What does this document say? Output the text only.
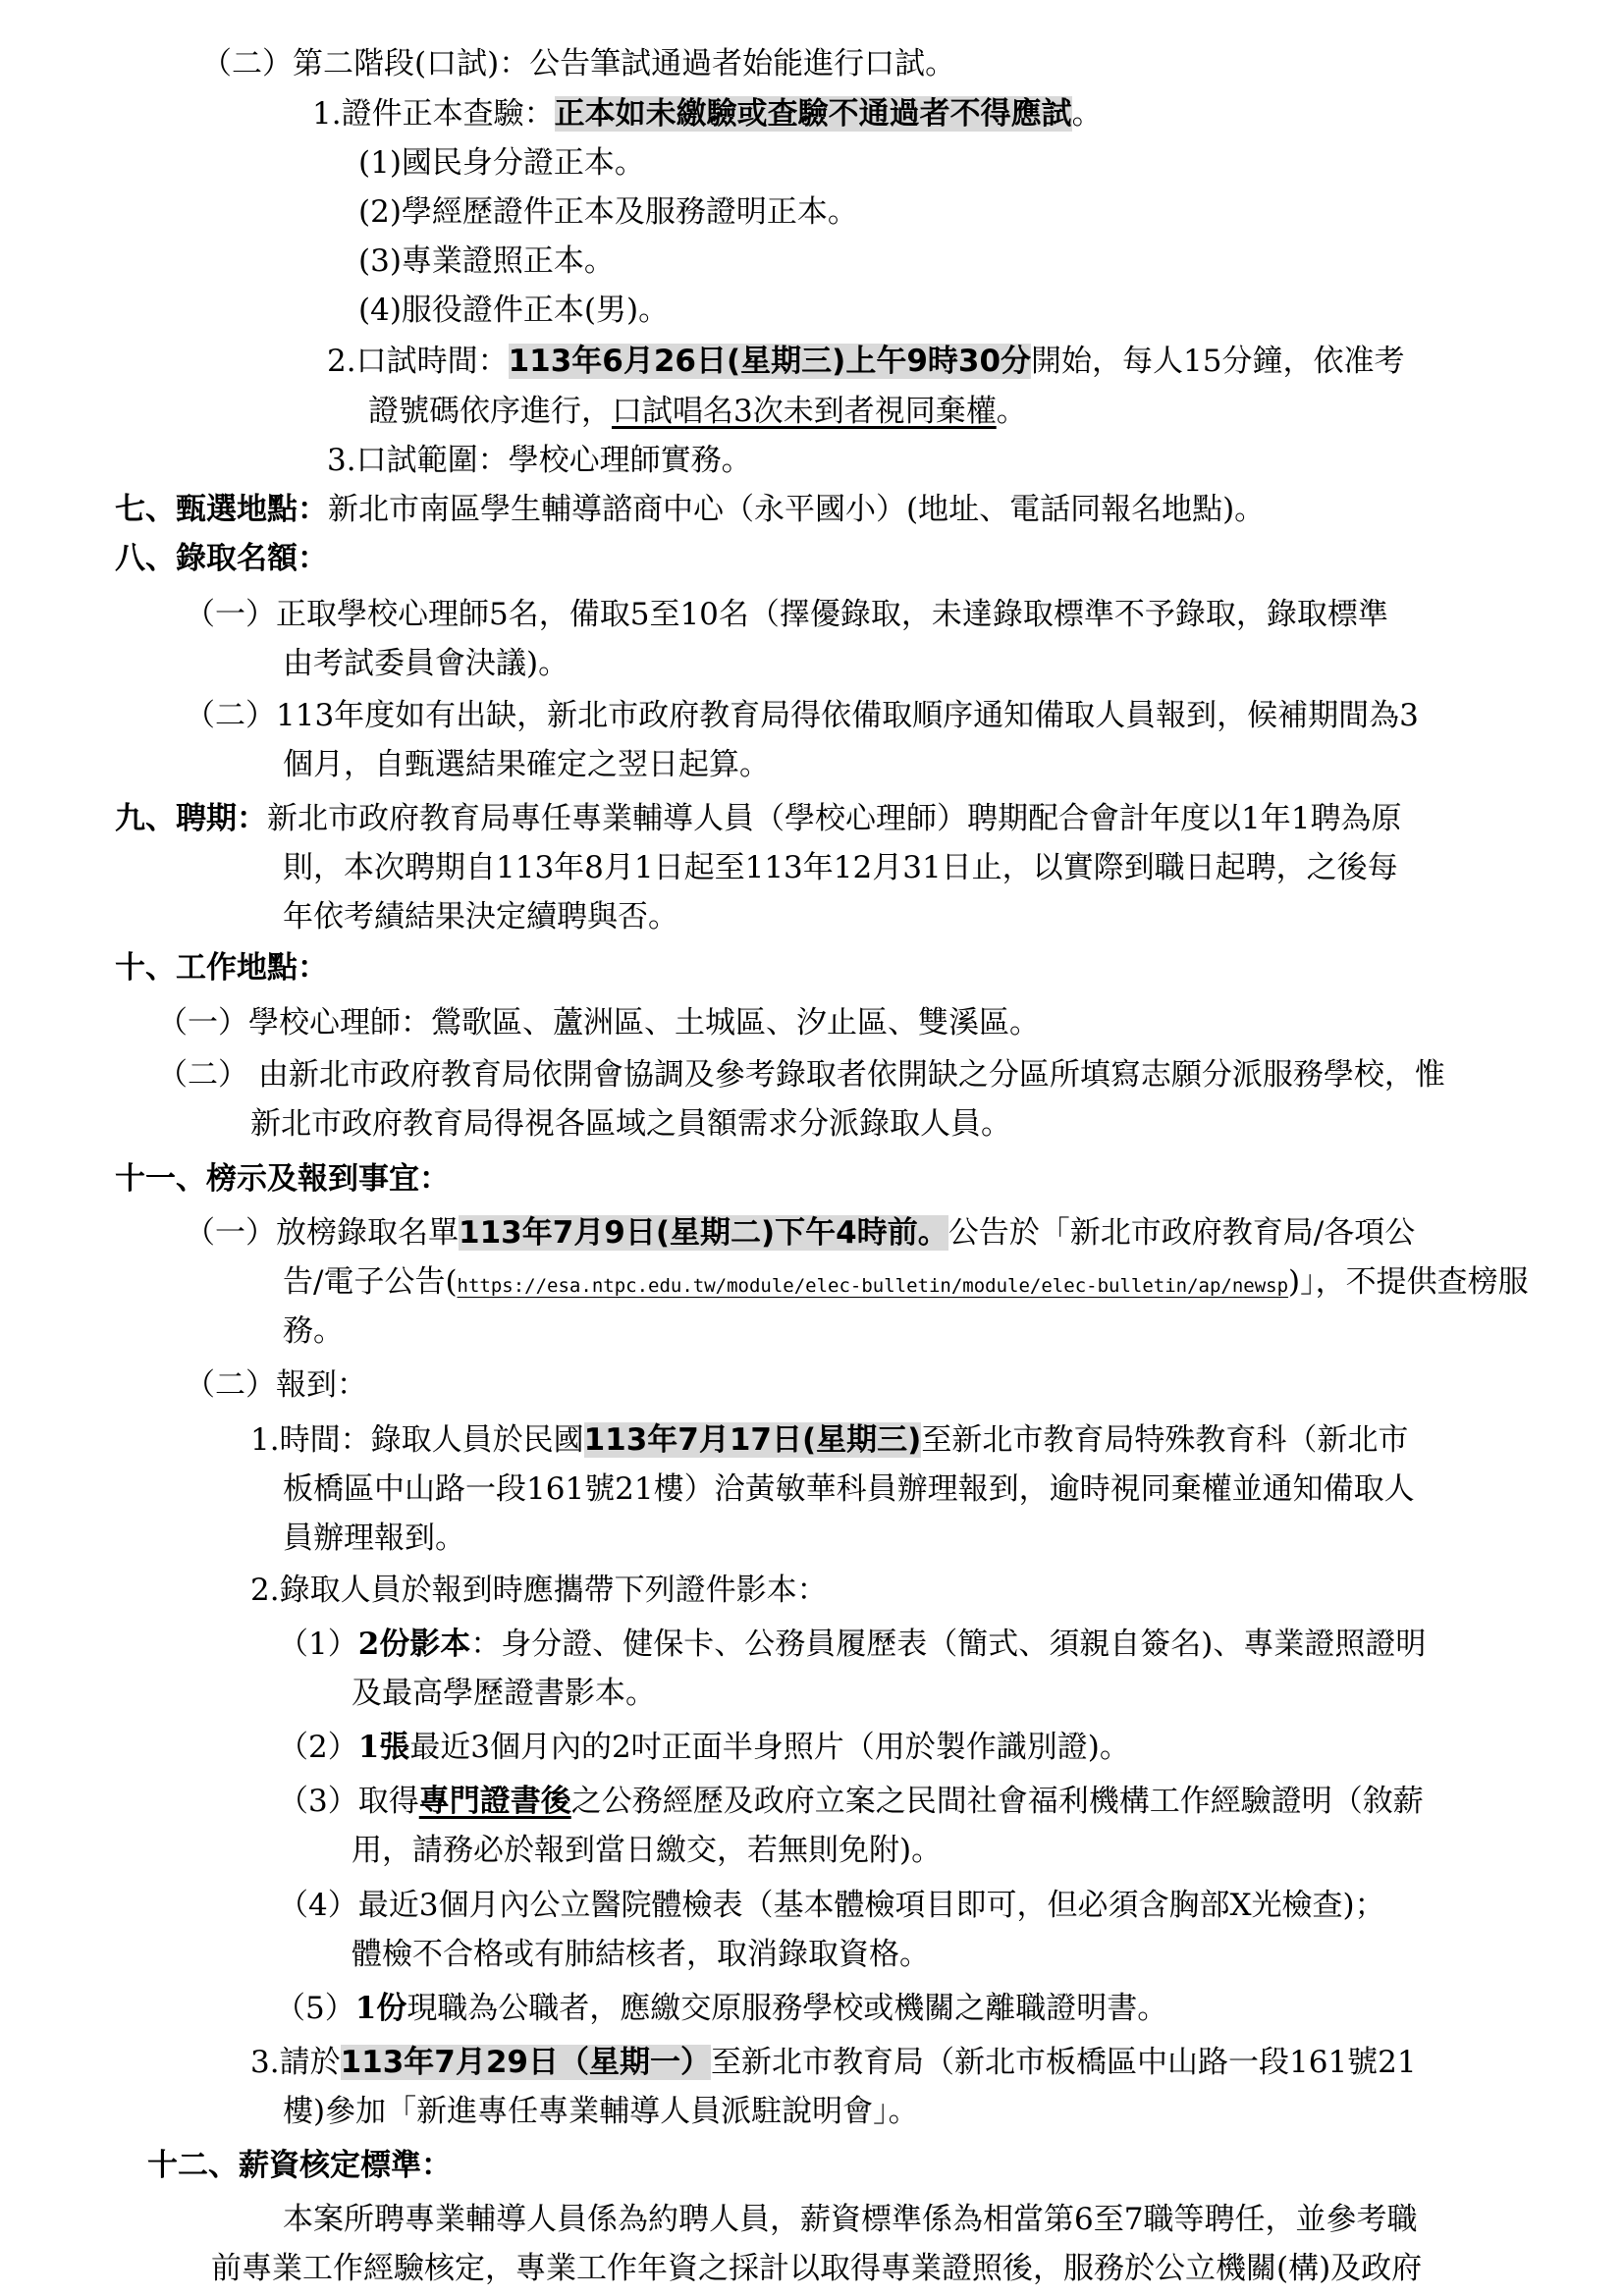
（二）第二階段(口試)：公告筆試通過者始能進行口試。
1.證件正本查驗：正本如未繳驗或查驗不通過者不得應試。
(1)國民身分證正本。
(2)學經歷證件正本及服務證明正本。
(3)專業證照正本。
(4)服役證件正本(男)。
2.口試時間：113年6月26日(星期三)上午9時30分開始，每人15分鐘，依准考
證號碼依序進行，口試唱名3次未到者視同棄權。
3.口試範圍：學校心理師實務。
七、甄選地點：新北市南區學生輔導諮商中心（永平國小）(地址、電話同報名地點)。
八、錄取名額：
（一）正取學校心理師5名，備取5至10名（擇優錄取，未達錄取標準不予錄取，錄取標準
由考試委員會決議)。
（二）113年度如有出缺，新北市政府教育局得依備取順序通知備取人員報到，候補期間為3
個月，自甄選結果確定之翌日起算。
九、聘期：新北市政府教育局專任專業輔導人員（學校心理師）聘期配合會計年度以1年1聘為原
則，本次聘期自113年8月1日起至113年12月31日止，以實際到職日起聘，之後每
年依考績結果決定續聘與否。
十、工作地點：
（一）學校心理師：鶯歌區、蘆洲區、土城區、汐止區、雙溪區。
（二） 由新北市政府教育局依開會協調及參考錄取者依開缺之分區所填寫志願分派服務學校，惟
新北市政府教育局得視各區域之員額需求分派錄取人員。
十一、榜示及報到事宜：
（一）放榜錄取名單113年7月9日(星期二)下午4時前。公告於「新北市政府教育局/各項公
告/電子公告(https://esa.ntpc.edu.tw/module/elec-bulletin/module/elec-bulletin/ap/newsp)」，不提供查榜服
務。
（二）報到：
1.時間：錄取人員於民國113年7月17日(星期三)至新北市教育局特殊教育科（新北市
板橋區中山路一段161號21樓）洽黃敏華科員辦理報到，逾時視同棄權並通知備取人
員辦理報到。
2.錄取人員於報到時應攜帶下列證件影本：
（1）2份影本：身分證、健保卡、公務員履歷表（簡式、須親自簽名)、專業證照證明
及最高學歷證書影本。
（2）1張最近3個月內的2吋正面半身照片（用於製作識別證)。
（3）取得專門證書後之公務經歷及政府立案之民間社會福利機構工作經驗證明（敘薪
用，請務必於報到當日繳交，若無則免附)。
（4）最近3個月內公立醫院體檢表（基本體檢項目即可，但必須含胸部X光檢查)；
體檢不合格或有肺結核者，取消錄取資格。
（5）1份現職為公職者，應繳交原服務學校或機關之離職證明書。
3.請於113年7月29日（星期一）至新北市教育局（新北市板橋區中山路一段161號21
樓)參加「新進專任專業輔導人員派駐說明會」。
十二、薪資核定標準：
本案所聘專業輔導人員係為約聘人員，薪資標準係為相當第6至7職等聘任，並參考職
前專業工作經驗核定，專業工作年資之採計以取得專業證照後，服務於公立機關(構)及政府
